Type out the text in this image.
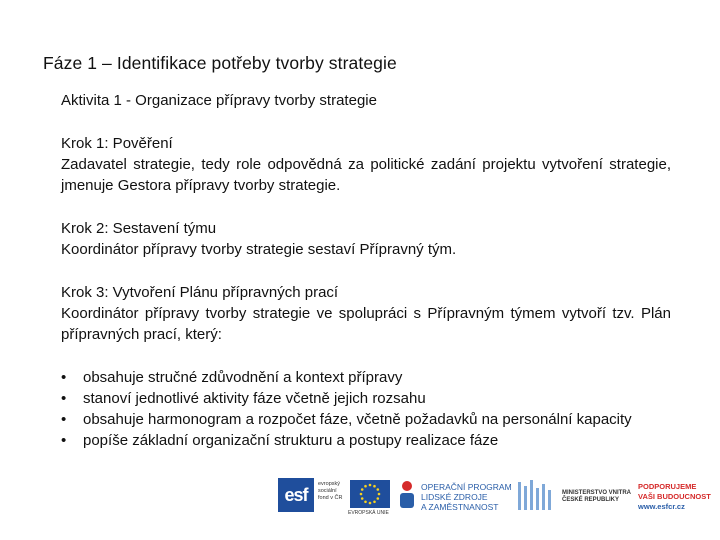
Fáze 1 – Identifikace potřeby tvorby strategie

Aktivita 1 - Organizace přípravy tvorby strategie

Krok 1: Pověření

Zadavatel strategie, tedy role odpovědná za politické zadání projektu vytvoření strategie, jmenuje Gestora přípravy tvorby strategie.

Krok 2: Sestavení týmu

Koordinátor přípravy tvorby strategie sestaví Přípravný tým.

Krok 3: Vytvoření Plánu přípravných prací

Koordinátor přípravy tvorby strategie ve spolupráci s Přípravným týmem vytvoří tzv. Plán přípravných prací, který:

•	obsahuje stručné zdůvodnění a kontext přípravy
•	stanoví jednotlivé aktivity fáze včetně jejich rozsahu
•	obsahuje harmonogram a rozpočet fáze, včetně požadavků na personální kapacity
•	popíše základní organizační strukturu a postupy realizace fáze
esf
evropský
sociální
fond v ČR
EVROPSKÁ UNIE
OPERAČNÍ PROGRAM
LIDSKÉ ZDROJE
A ZAMĚSTNANOST
MINISTERSTVO VNITRA
ČESKÉ REPUBLIKY
PODPORUJEME
VAŠI BUDOUCNOST
www.esfcr.cz
